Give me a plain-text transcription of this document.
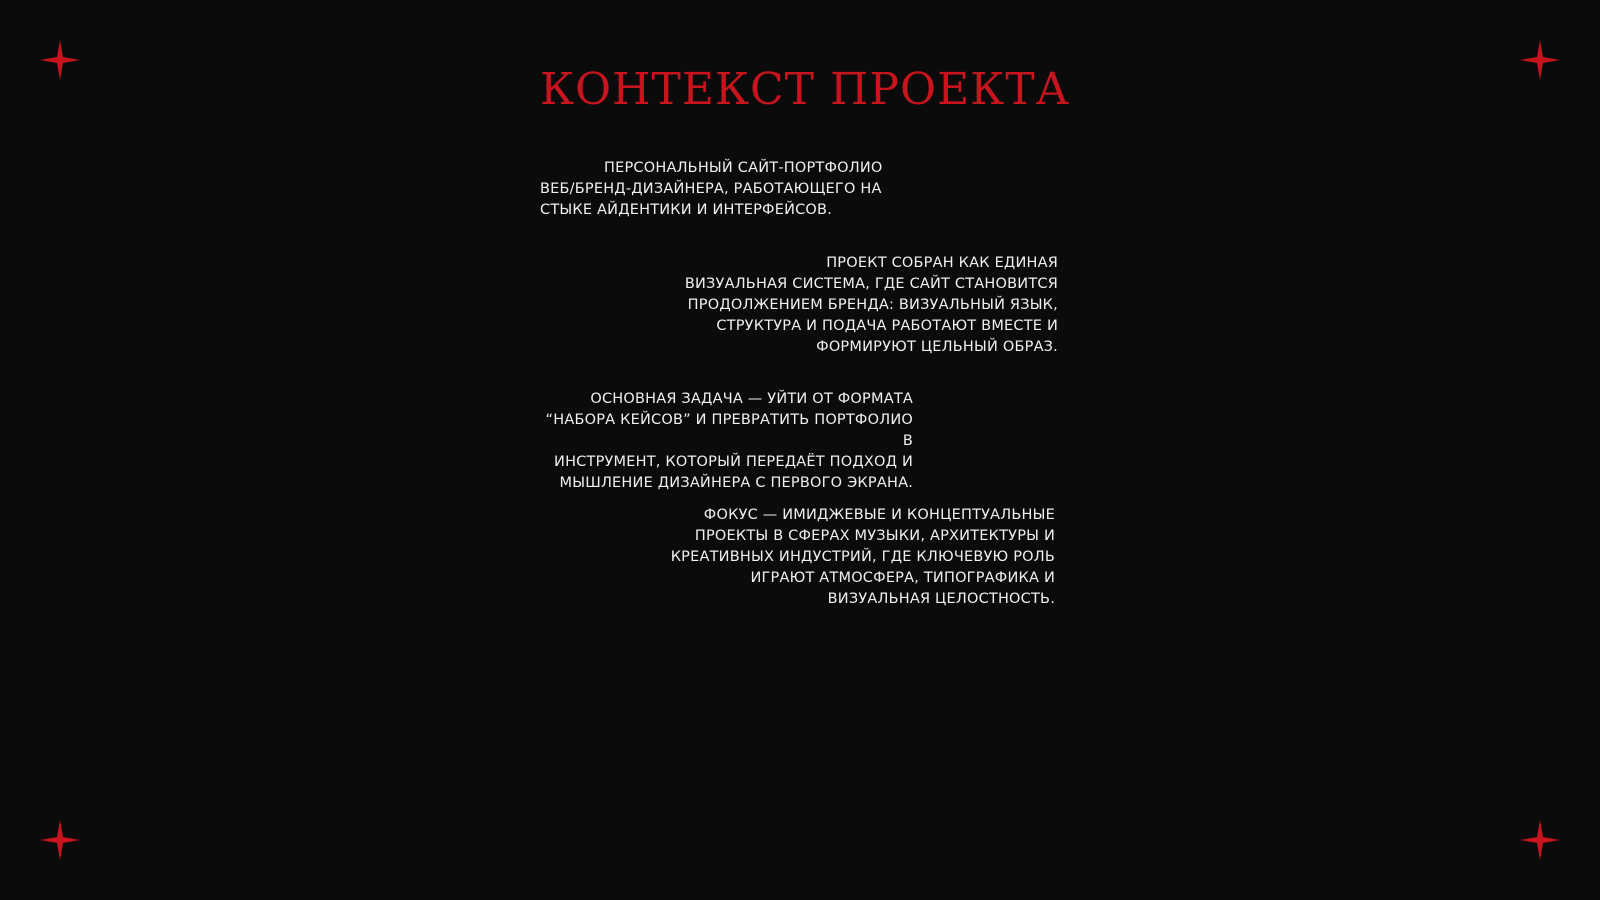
КОНТЕКСТ ПРОЕКТА

ПЕРСОНАЛЬНЫЙ САЙТ-ПОРТФОЛИО
ВЕБ/БРЕНД-ДИЗАЙНЕРА, РАБОТАЮЩЕГО НА
СТЫКЕ АЙДЕНТИКИ И ИНТЕРФЕЙСОВ.

ПРОЕКТ СОБРАН КАК ЕДИНАЯ
ВИЗУАЛЬНАЯ СИСТЕМА, ГДЕ САЙТ СТАНОВИТСЯ
ПРОДОЛЖЕНИЕМ БРЕНДА: ВИЗУАЛЬНЫЙ ЯЗЫК,
СТРУКТУРА И ПОДАЧА РАБОТАЮТ ВМЕСТЕ И
ФОРМИРУЮТ ЦЕЛЬНЫЙ ОБРАЗ.

ОСНОВНАЯ ЗАДАЧА — УЙТИ ОТ ФОРМАТА
“НАБОРА КЕЙСОВ” И ПРЕВРАТИТЬ ПОРТФОЛИО В
ИНСТРУМЕНТ, КОТОРЫЙ ПЕРЕДАЁТ ПОДХОД И
МЫШЛЕНИЕ ДИЗАЙНЕРА С ПЕРВОГО ЭКРАНА.

ФОКУС — ИМИДЖЕВЫЕ И КОНЦЕПТУАЛЬНЫЕ
ПРОЕКТЫ В СФЕРАХ МУЗЫКИ, АРХИТЕКТУРЫ И
КРЕАТИВНЫХ ИНДУСТРИЙ, ГДЕ КЛЮЧЕВУЮ РОЛЬ
ИГРАЮТ АТМОСФЕРА, ТИПОГРАФИКА И
ВИЗУАЛЬНАЯ ЦЕЛОСТНОСТЬ.
